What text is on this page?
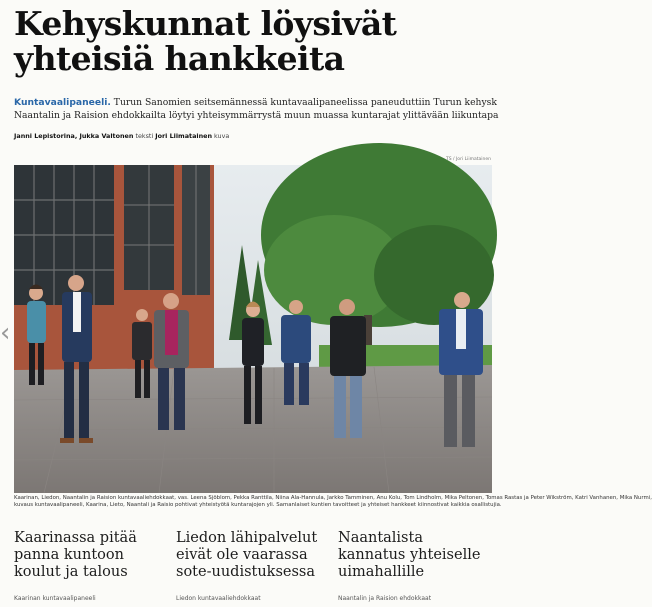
Kehyskunnat löysivät
yhteisiä hankkeita
Kuntavaalipaneeli. Turun Sanomien seitsemännessä kuntavaalipaneelissa paneuduttiin Turun kehysk
Naantalin ja Raision ehdokkailta löytyi yhteisymmärrystä muun muassa kuntarajat ylittävään liikuntapa
Janni Lepistorina, Jukka Valtonen teksti Jori Liimatainen kuva
TS / Jori Liimatainen
‹
Kaarinan, Liedon, Naantalin ja Raision kuntavaaliehdokkaat, vas. Leena Sjöblom, Pekka Ranttila, Niina Ala-Hannula, Jarkko Tamminen, Anu Kolu, Tom Lindholm, Mika Peltonen, Tomas Rastas ja Peter Wikström, Katri Vanhanen, Mika Nurmi,
kuvaus kuntavaalipaneeli, Kaarina, Lieto, Naantali ja Raisio pohtivat yhteistyötä kuntarajojen yli. Samanlaiset kuntien tavoitteet ja yhteiset hankkeet kiinnostivat kaikkia osallistujia.
Kaarinassa pitää
panna kuntoon
koulut ja talous
Kaarinan kuntavaalipaneeli
Liedon lähipalvelut
eivät ole vaarassa
sote-uudistuksessa
Liedon kuntavaaliehdokkaat
Naantalista
kannatus yhteiselle
uimahallille
Naantalin ja Raision ehdokkaat
